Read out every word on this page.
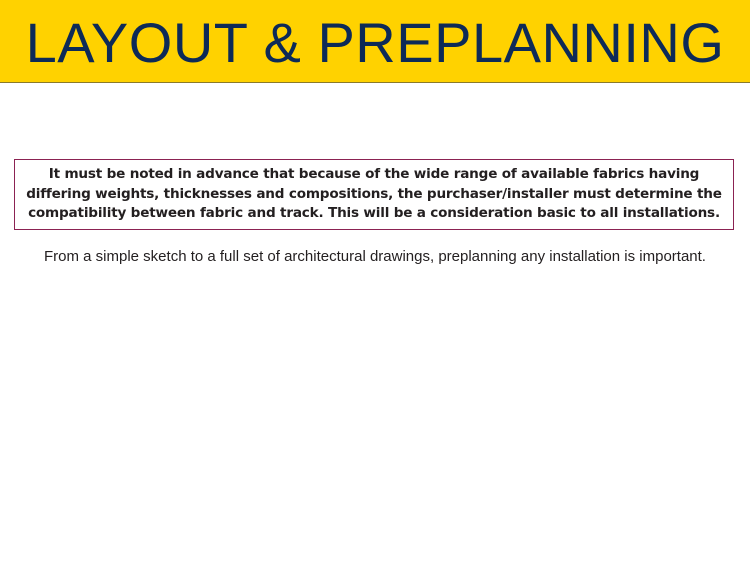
LAYOUT & PREPLANNING

It must be noted in advance that because of the wide range of available fabrics having
differing weights, thicknesses and compositions, the purchaser/installer must determine the
compatibility between fabric and track. This will be a consideration basic to all installations.

From a simple sketch to a full set of architectural drawings, preplanning any installation is important.
